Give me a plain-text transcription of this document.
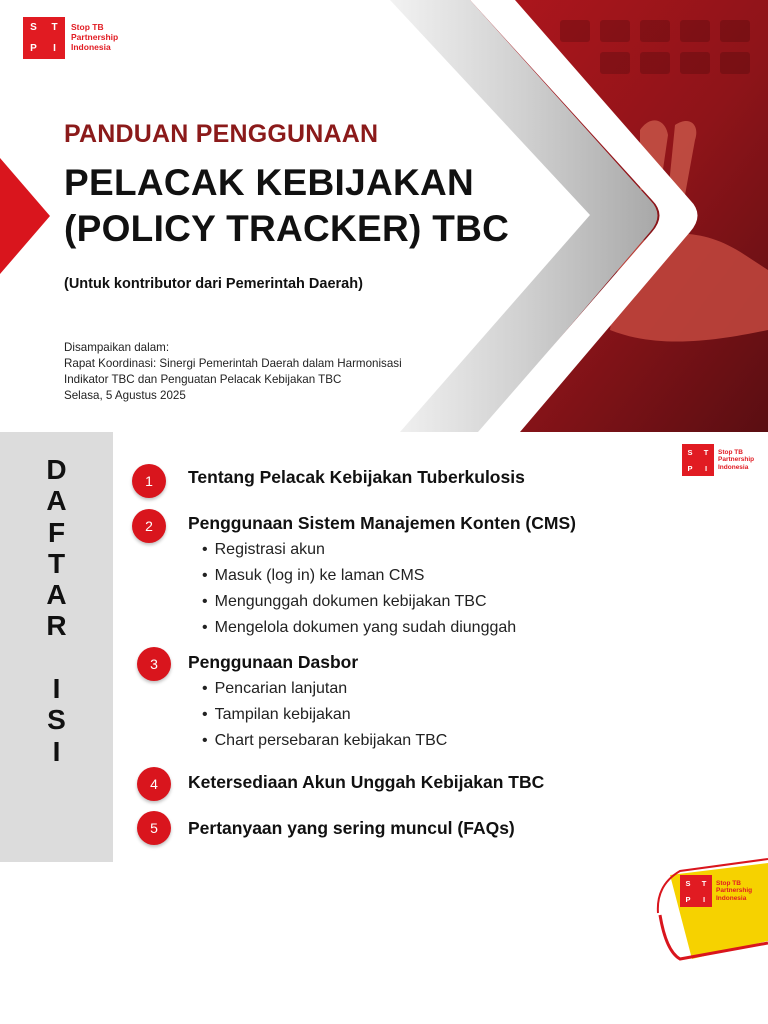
S	T
P	I
Stop TB
Partnership
Indonesia
PANDUAN PENGGUNAAN
PELACAK KEBIJAKAN
(POLICY TRACKER) TBC
(Untuk kontributor dari Pemerintah Daerah)
Disampaikan dalam:
Rapat Koordinasi: Sinergi Pemerintah Daerah dalam Harmonisasi
Indikator TBC dan Penguatan Pelacak Kebijakan TBC
Selasa, 5 Agustus 2025
D
A
F
T
A
R
I
S
I
S	T
P	I
Stop TB
Partnership
Indonesia
1	Tentang Pelacak Kebijakan Tuberkulosis
2	Penggunaan Sistem Manajemen Konten (CMS)
• Registrasi akun
• Masuk (log in) ke laman CMS
• Mengunggah dokumen kebijakan TBC
• Mengelola dokumen yang sudah diunggah
3	Penggunaan Dasbor
• Pencarian lanjutan
• Tampilan kebijakan
• Chart persebaran kebijakan TBC
4	Ketersediaan Akun Unggah Kebijakan TBC
5	Pertanyaan yang sering muncul (FAQs)
S	T
P	I
Stop TB
Partnershig
Indonesia
